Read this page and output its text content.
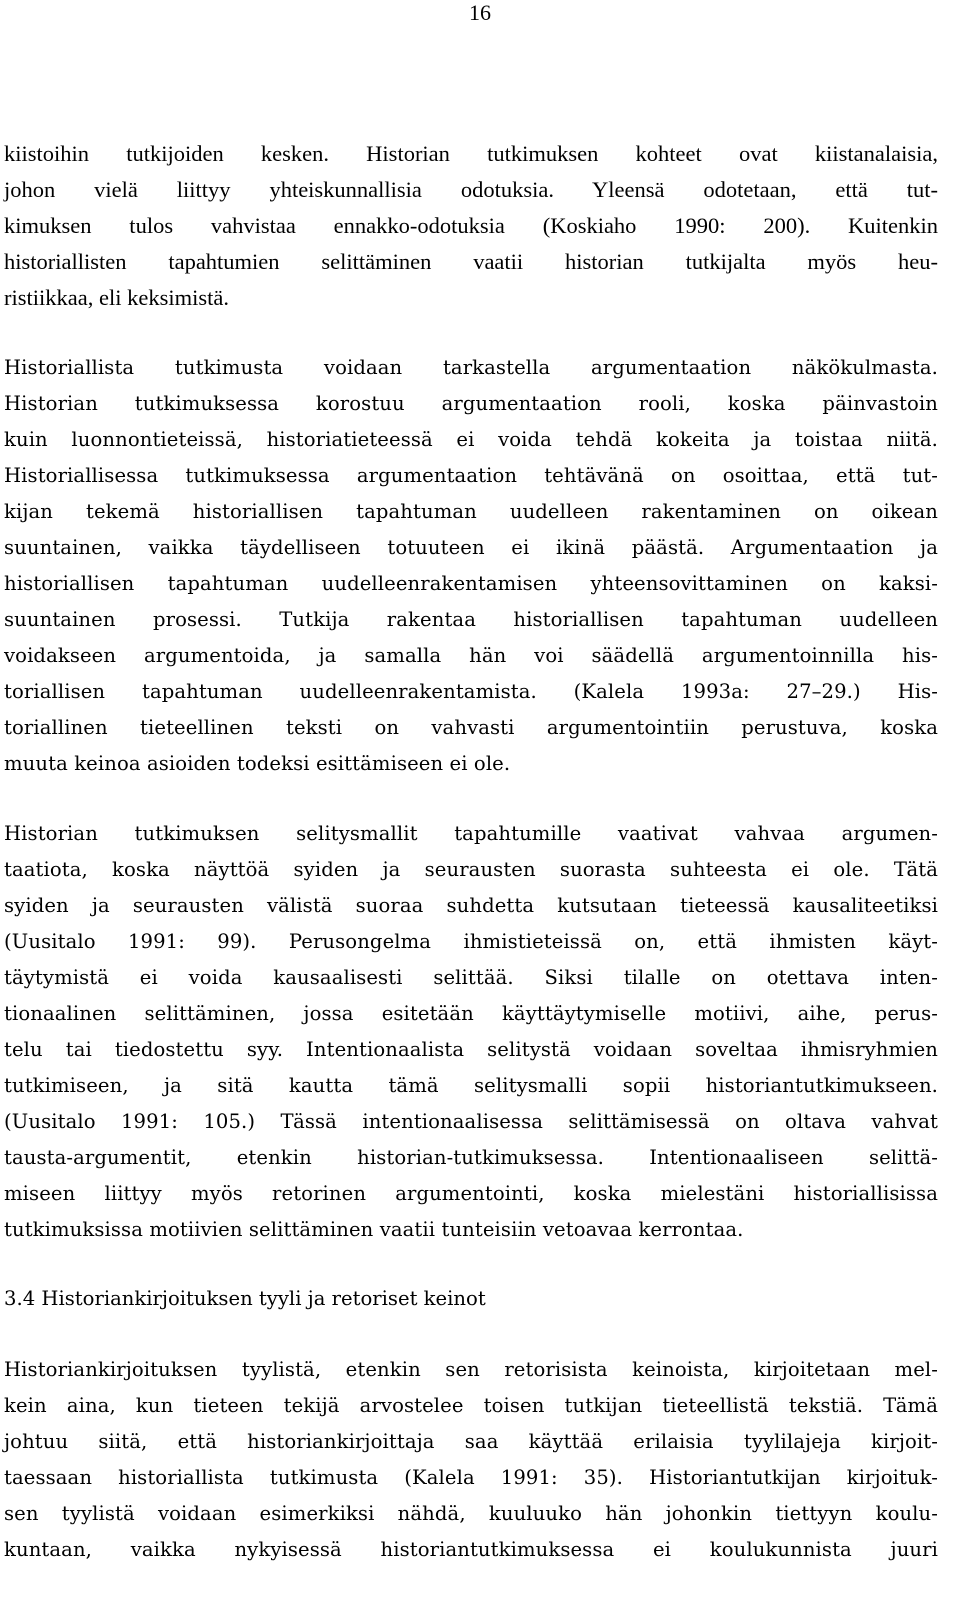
16
kiistoihin tutkijoiden kesken. Historian tutkimuksen kohteet ovat kiistanalaisia,
johon vielä liittyy yhteiskunnallisia odotuksia. Yleensä odotetaan, että tut-
kimuksen tulos vahvistaa ennakko-odotuksia (Koskiaho 1990: 200). Kuitenkin
historiallisten tapahtumien selittäminen vaatii historian tutkijalta myös heu-
ristiikkaa, eli keksimistä.
Historiallista tutkimusta voidaan tarkastella argumentaation näkökulmasta.
Historian tutkimuksessa korostuu argumentaation rooli, koska päinvastoin
kuin luonnontieteissä, historiatieteessä ei voida tehdä kokeita ja toistaa niitä.
Historiallisessa tutkimuksessa argumentaation tehtävänä on osoittaa, että tut-
kijan tekemä historiallisen tapahtuman uudelleen rakentaminen on oikean
suuntainen, vaikka täydelliseen totuuteen ei ikinä päästä. Argumentaation ja
historiallisen tapahtuman uudelleenrakentamisen yhteensovittaminen on kaksi-
suuntainen prosessi. Tutkija rakentaa historiallisen tapahtuman uudelleen
voidakseen argumentoida, ja samalla hän voi säädellä argumentoinnilla his-
toriallisen tapahtuman uudelleenrakentamista. (Kalela 1993a: 27–29.) His-
toriallinen tieteellinen teksti on vahvasti argumentointiin perustuva, koska
muuta keinoa asioiden todeksi esittämiseen ei ole.
Historian tutkimuksen selitysmallit tapahtumille vaativat vahvaa argumen-
taatiota, koska näyttöä syiden ja seurausten suorasta suhteesta ei ole. Tätä
syiden ja seurausten välistä suoraa suhdetta kutsutaan tieteessä kausaliteetiksi
(Uusitalo 1991: 99). Perusongelma ihmistieteissä on, että ihmisten käyt-
täytymistä ei voida kausaalisesti selittää. Siksi tilalle on otettava inten-
tionaalinen selittäminen, jossa esitetään käyttäytymiselle motiivi, aihe, perus-
telu tai tiedostettu syy. Intentionaalista selitystä voidaan soveltaa ihmisryhmien
tutkimiseen, ja sitä kautta tämä selitysmalli sopii historiantutkimukseen.
(Uusitalo 1991: 105.) Tässä intentionaalisessa selittämisessä on oltava vahvat
tausta-argumentit, etenkin historian-tutkimuksessa. Intentionaaliseen selittä-
miseen liittyy myös retorinen argumentointi, koska mielestäni historiallisissa
tutkimuksissa motiivien selittäminen vaatii tunteisiin vetoavaa kerrontaa.
3.4 Historiankirjoituksen tyyli ja retoriset keinot
Historiankirjoituksen tyylistä, etenkin sen retorisista keinoista, kirjoitetaan mel-
kein aina, kun tieteen tekijä arvostelee toisen tutkijan tieteellistä tekstiä. Tämä
johtuu siitä, että historiankirjoittaja saa käyttää erilaisia tyylilajeja kirjoit-
taessaan historiallista tutkimusta (Kalela 1991: 35). Historiantutkijan kirjoituk-
sen tyylistä voidaan esimerkiksi nähdä, kuuluuko hän johonkin tiettyyn koulu-
kuntaan, vaikka nykyisessä historiantutkimuksessa ei koulukunnista juuri
